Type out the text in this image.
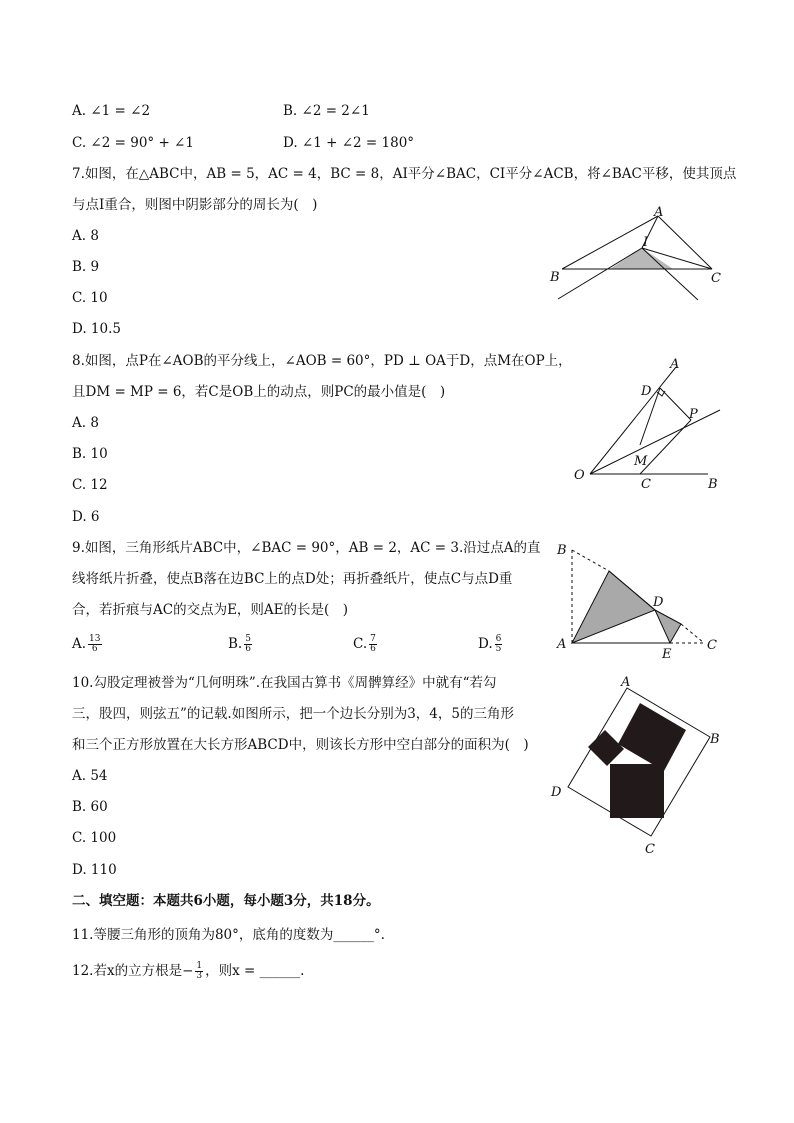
A. ∠1 = ∠2	B. ∠2 = 2∠1
C. ∠2 = 90° + ∠1	D. ∠1 + ∠2 = 180°
7.如图，在△ABC中，AB = 5，AC = 4，BC = 8，AI平分∠BAC，CI平分∠ACB，将∠BAC平移，使其顶点
与点I重合，则图中阴影部分的周长为(　)
A. 8
B. 9
C. 10
D. 10.5
A
B	C
I
8.如图，点P在∠AOB的平分线上，∠AOB = 60°，PD ⊥ OA于D，点M在OP上，
且DM = MP = 6，若C是OB上的动点，则PC的最小值是(　)
A. 8
B. 10
C. 12
D. 6
A
B
C
D
M
O
P
9.如图，三角形纸片ABC中，∠BAC = 90°，AB = 2，AC = 3.沿过点A的直
线将纸片折叠，使点B落在边BC上的点D处；再折叠纸片，使点C与点D重
合，若折痕与AC的交点为E，则AE的长是(　)
A. $\frac{13}{6}$	B. $\frac{5}{6}$	C. $\frac{7}{6}$	D. $\frac{6}{5}$
B
A
D
E
C
10.勾股定理被誉为“几何明珠”.在我国古算书《周髀算经》中就有“若勾
三，股四，则弦五”的记载.如图所示，把一个边长分别为3，4，5的三角形
和三个正方形放置在大长方形ABCD中，则该长方形中空白部分的面积为(　)
A. 54
B. 60
C. 100
D. 110
A
B
C
D
二、填空题：本题共6小题，每小题3分，共18分。
11.等腰三角形的顶角为80°，底角的度数为______°.
12.若x的立方根是− $\frac{1}{3}$ ，则x = ______.
